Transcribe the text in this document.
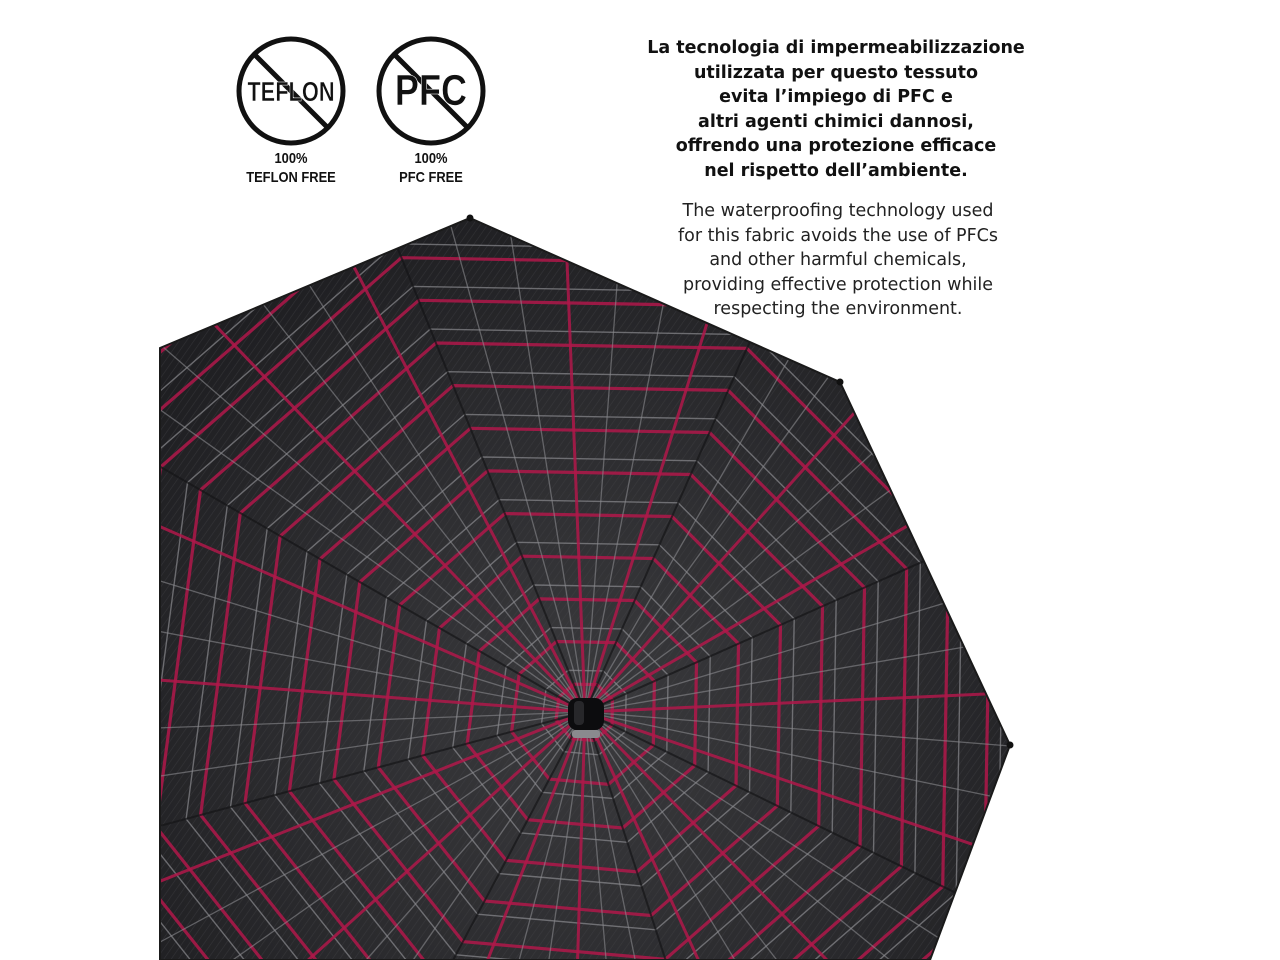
TEFLON
100%
TEFLON FREE
PFC
100%
PFC FREE
La tecnologia di impermeabilizzazione
utilizzata per questo tessuto
evita l’impiego di PFC e
altri agenti chimici dannosi,
offrendo una protezione efficace
nel rispetto dell’ambiente.
The waterproofing technology used
for this fabric avoids the use of PFCs
and other harmful chemicals,
providing effective protection while
respecting the environment.
